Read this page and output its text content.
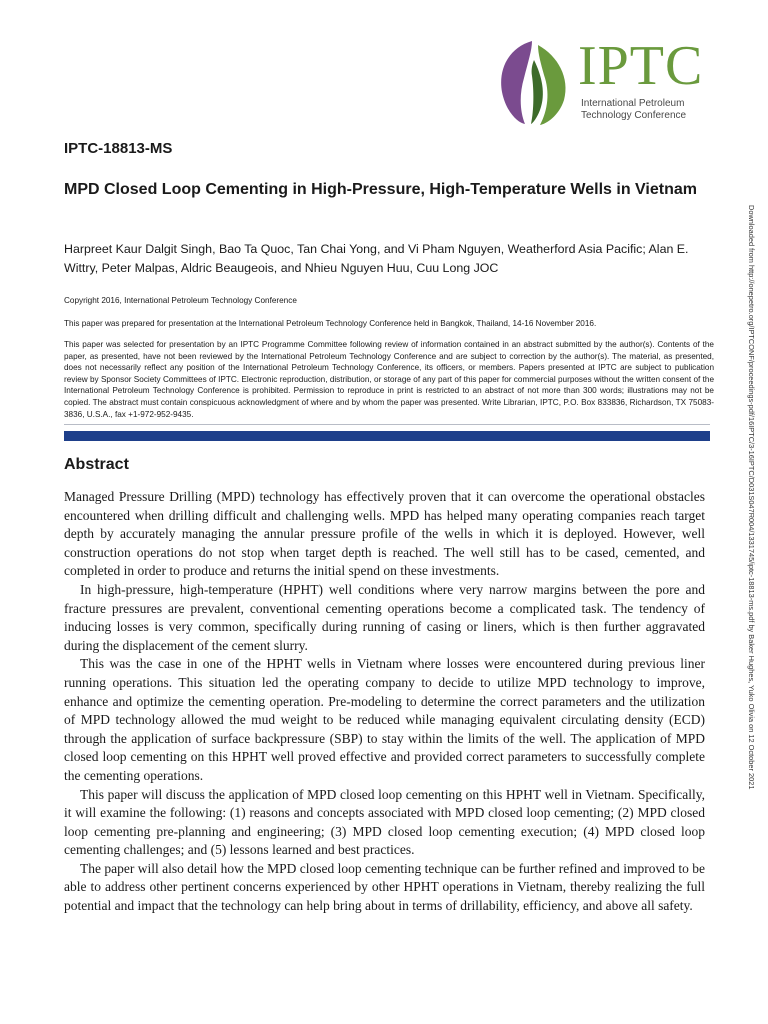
IPTC
International Petroleum
Technology Conference
IPTC-18813-MS
MPD Closed Loop Cementing in High-Pressure, High-Temperature Wells in Vietnam
Harpreet Kaur Dalgit Singh, Bao Ta Quoc, Tan Chai Yong, and Vi Pham Nguyen, Weatherford Asia Pacific; Alan E. Wittry, Peter Malpas, Aldric Beaugeois, and Nhieu Nguyen Huu, Cuu Long JOC
Copyright 2016, International Petroleum Technology Conference
This paper was prepared for presentation at the International Petroleum Technology Conference held in Bangkok, Thailand, 14-16 November 2016.
This paper was selected for presentation by an IPTC Programme Committee following review of information contained in an abstract submitted by the author(s). Contents of the paper, as presented, have not been reviewed by the International Petroleum Technology Conference and are subject to correction by the author(s). The material, as presented, does not necessarily reflect any position of the International Petroleum Technology Conference, its officers, or members. Papers presented at IPTC are subject to publication review by Sponsor Society Committees of IPTC. Electronic reproduction, distribution, or storage of any part of this paper for commercial purposes without the written consent of the International Petroleum Technology Conference is prohibited. Permission to reproduce in print is restricted to an abstract of not more than 300 words; illustrations may not be copied. The abstract must contain conspicuous acknowledgment of where and by whom the paper was presented. Write Librarian, IPTC, P.O. Box 833836, Richardson, TX 75083-3836, U.S.A., fax +1-972-952-9435.
Abstract

Managed Pressure Drilling (MPD) technology has effectively proven that it can overcome the operational obstacles encountered when drilling difficult and challenging wells. MPD has helped many operating companies reach target depth by accurately managing the annular pressure profile of the wells in which it is deployed. However, well construction operations do not stop when target depth is reached. The well still has to be cased, cemented, and completed in order to produce and returns the initial spend on these investments.

In high-pressure, high-temperature (HPHT) well conditions where very narrow margins between the pore and fracture pressures are prevalent, conventional cementing operations become a complicated task. The tendency of inducing losses is very common, specifically during running of casing or liners, which is then further aggravated during the displacement of the cement slurry.

This was the case in one of the HPHT wells in Vietnam where losses were encountered during previous liner running operations. This situation led the operating company to decide to utilize MPD technology to improve, enhance and optimize the cementing operation. Pre-modeling to determine the correct parameters and the utilization of MPD technology allowed the mud weight to be reduced while managing equivalent circulating density (ECD) through the application of surface backpressure (SBP) to stay within the limits of the well. The application of MPD closed loop cementing on this HPHT well proved effective and provided correct parameters to successfully complete the cementing operations.

This paper will discuss the application of MPD closed loop cementing on this HPHT well in Vietnam. Specifically, it will examine the following: (1) reasons and concepts associated with MPD closed loop cementing; (2) MPD closed loop cementing pre-planning and engineering; (3) MPD closed loop cementing execution; (4) MPD closed loop cementing challenges; and (5) lessons learned and best practices.

The paper will also detail how the MPD closed loop cementing technique can be further refined and improved to be able to address other pertinent concerns experienced by other HPHT operations in Vietnam, thereby realizing the full potential and impact that the technology can help bring about in terms of drillability, efficiency, and above all safety.

Downloaded from http://onepetro.org/IPTCONF/proceedings-pdf/16IPTC/3-16IPTC/D031S047R004/1331745/iptc-18813-ms.pdf by Baker Hughes, Yuko Olivia on 12 October 2021
